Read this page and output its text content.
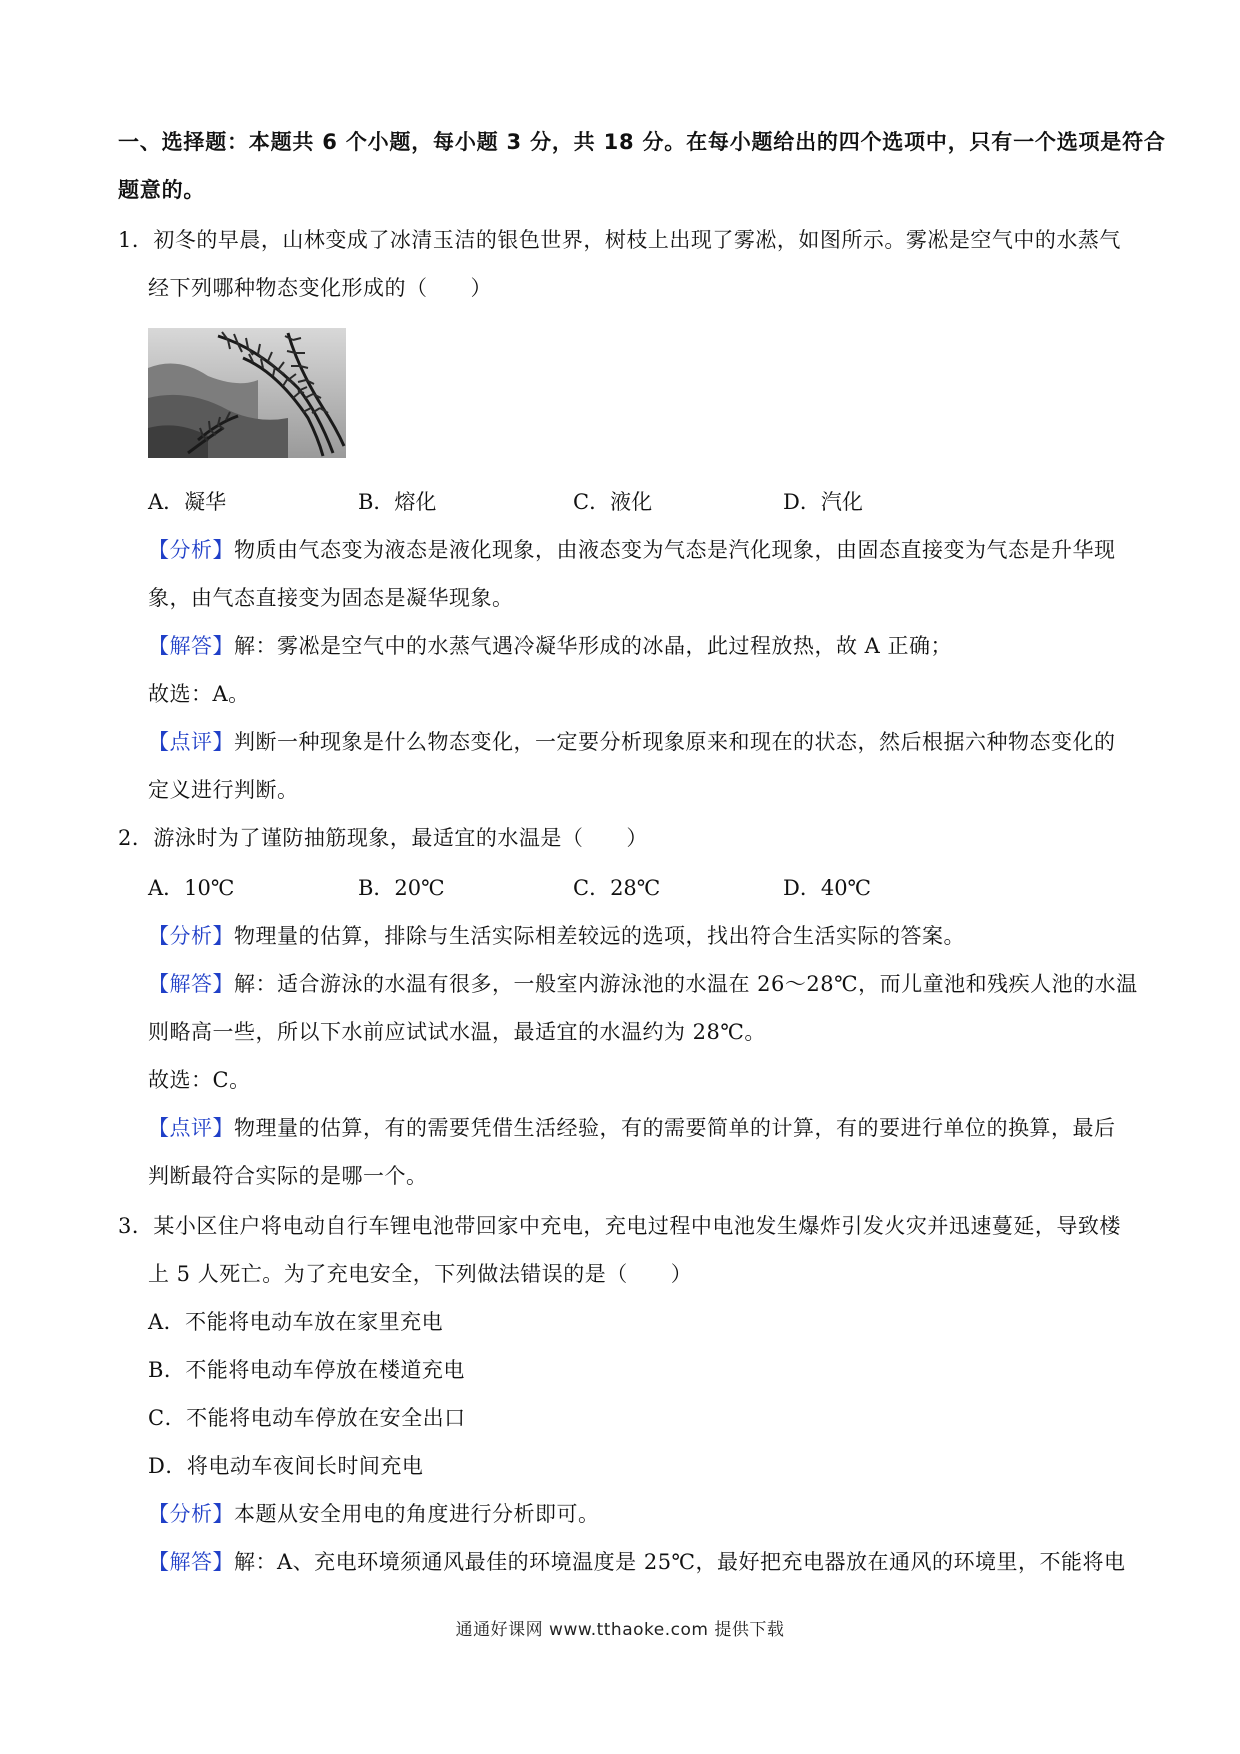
一、选择题：本题共 6 个小题，每小题 3 分，共 18 分。在每小题给出的四个选项中，只有一个选项是符合
题意的。
1．初冬的早晨，山林变成了冰清玉洁的银色世界，树枝上出现了雾凇，如图所示。雾凇是空气中的水蒸气
经下列哪种物态变化形成的（　　）
A．凝华	B．熔化	C．液化	D．汽化
【分析】物质由气态变为液态是液化现象，由液态变为气态是汽化现象，由固态直接变为气态是升华现
象，由气态直接变为固态是凝华现象。
【解答】解：雾凇是空气中的水蒸气遇冷凝华形成的冰晶，此过程放热，故 A 正确；
故选：A。
【点评】判断一种现象是什么物态变化，一定要分析现象原来和现在的状态，然后根据六种物态变化的
定义进行判断。
2．游泳时为了谨防抽筋现象，最适宜的水温是（　　）
A．10℃	B．20℃	C．28℃	D．40℃
【分析】物理量的估算，排除与生活实际相差较远的选项，找出符合生活实际的答案。
【解答】解：适合游泳的水温有很多，一般室内游泳池的水温在 26～28℃，而儿童池和残疾人池的水温
则略高一些，所以下水前应试试水温，最适宜的水温约为 28℃。
故选：C。
【点评】物理量的估算，有的需要凭借生活经验，有的需要简单的计算，有的要进行单位的换算，最后
判断最符合实际的是哪一个。
3．某小区住户将电动自行车锂电池带回家中充电，充电过程中电池发生爆炸引发火灾并迅速蔓延，导致楼
上 5 人死亡。为了充电安全，下列做法错误的是（　　）
A．不能将电动车放在家里充电
B．不能将电动车停放在楼道充电
C．不能将电动车停放在安全出口
D．将电动车夜间长时间充电
【分析】本题从安全用电的角度进行分析即可。
【解答】解：A、充电环境须通风最佳的环境温度是 25℃，最好把充电器放在通风的环境里，不能将电
通通好课网 www.tthaoke.com 提供下载
